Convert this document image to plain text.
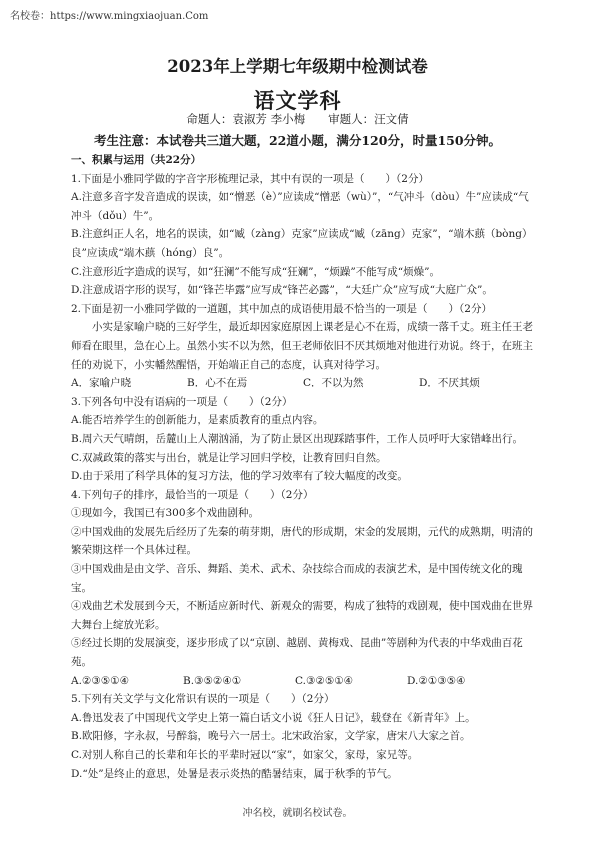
名校卷：https://www.mingxiaojuan.Com
2023年上学期七年级期中检测试卷
语文学科
命题人：袁淑芳 李小梅　　审题人：汪文倩
考生注意：本试卷共三道大题，22道小题，满分120分，时量150分钟。

一、积累与运用（共22分）

1.下面是小雅同学做的字音字形梳理记录，其中有误的一项是（　　）（2分）

A.注意多音字发音造成的误读，如“憎恶（è）”应读成“憎恶（wù）”，“气冲斗（dòu）牛”应读成“气冲斗（dǒu）牛”。

B.注意纠正人名，地名的误读，如“臧（zàng）克家”应读成“臧（zāng）克家”，“端木蕻（bòng）良”应读成“端木蕻（hóng）良”。

C.注意形近字造成的误写，如“狂澜”不能写成“狂斓”，“烦躁”不能写成“烦燥”。

D.注意成语字形的误写，如“锋芒毕露”应写成“锋芒必露”，“大廷广众”应写成“大庭广众”。

2.下面是初一小雅同学做的一道题，其中加点的成语使用最不恰当的一项是（　　）（2分）

小实是家喻户晓的三好学生，最近却因家庭原因上课老是心不在焉，成绩一落千丈。班主任王老师看在眼里，急在心上。虽然小实不以为然，但王老师依旧不厌其烦地对他进行劝说。终于，在班主任的劝说下，小实幡然醒悟，开始端正自己的态度，认真对待学习。

A．家喻户晓	B．心不在焉	C．不以为然	D．不厌其烦

3.下列各句中没有语病的一项是（　　）（2分）

A.能否培养学生的创新能力，是素质教育的重点内容。

B.周六天气晴朗，岳麓山上人潮汹涌，为了防止景区出现踩踏事件，工作人员呼吁大家错峰出行。

C.双减政策的落实与出台，就是让学习回归学校，让教育回归自然。

D.由于采用了科学具体的复习方法，他的学习效率有了较大幅度的改变。

4.下列句子的排序，最恰当的一项是（　　）（2分）

①现如今，我国已有300多个戏曲剧种。

②中国戏曲的发展先后经历了先秦的萌芽期，唐代的形成期，宋金的发展期，元代的成熟期，明清的繁荣期这样一个具体过程。

③中国戏曲是由文学、音乐、舞蹈、美术、武术、杂技综合而成的表演艺术，是中国传统文化的瑰宝。

④戏曲艺术发展到今天，不断适应新时代、新观众的需要，构成了独特的戏剧观，使中国戏曲在世界大舞台上绽放光彩。

⑤经过长期的发展演变，逐步形成了以“京剧、越剧、黄梅戏、昆曲”等剧种为代表的中华戏曲百花苑。

A.②③⑤①④	B.③⑤②④①	C.③②⑤①④	D.②①③⑤④

5.下列有关文学与文化常识有误的一项是（　　）（2分）

A.鲁迅发表了中国现代文学史上第一篇白话文小说《狂人日记》，载登在《新青年》上。

B.欧阳修，字永叔，号醉翁，晚号六一居士。北宋政治家，文学家，唐宋八大家之首。

C.对别人称自己的长辈和年长的平辈时冠以“家”，如家父，家母，家兄等。

D.“处”是终止的意思，处暑是表示炎热的酷暑结束，属于秋季的节气。

冲名校，就刷名校试卷。
